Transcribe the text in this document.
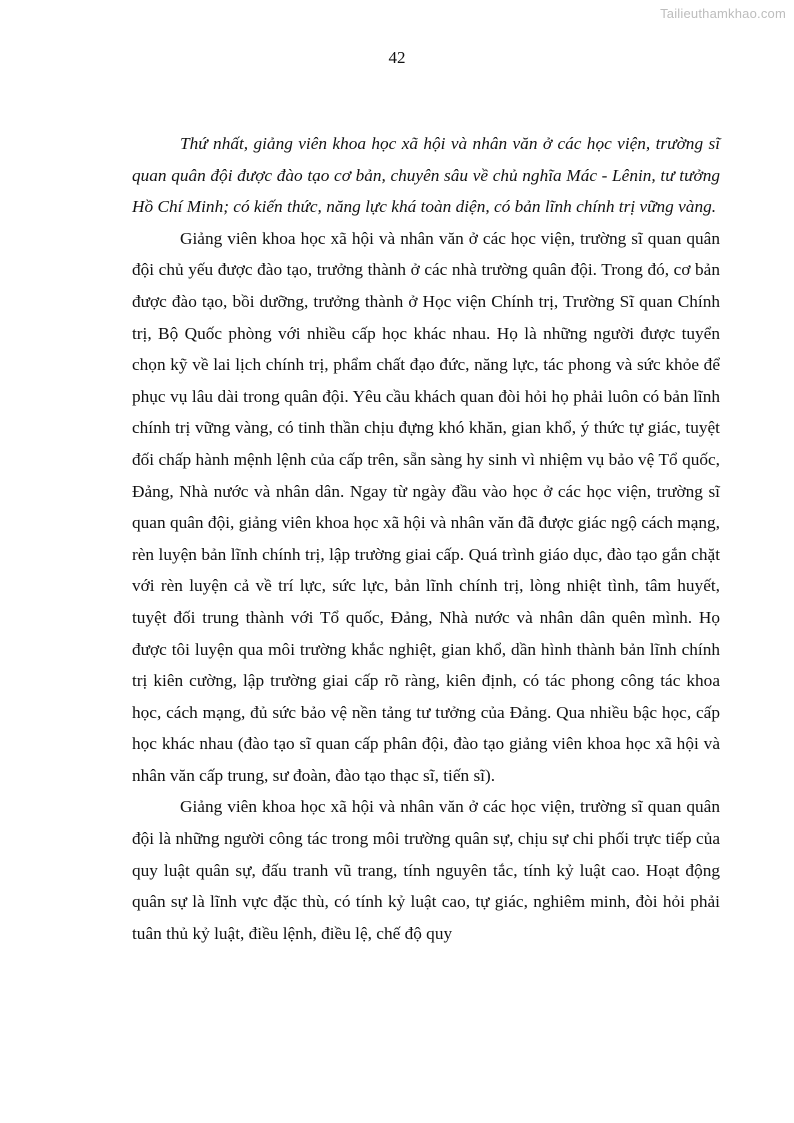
Tailieuthamkhao.com
42

Thứ nhất, giảng viên khoa học xã hội và nhân văn ở các học viện, trường sĩ quan quân đội được đào tạo cơ bản, chuyên sâu về chủ nghĩa Mác - Lênin, tư tưởng Hồ Chí Minh; có kiến thức, năng lực khá toàn diện, có bản lĩnh chính trị vững vàng.

Giảng viên khoa học xã hội và nhân văn ở các học viện, trường sĩ quan quân đội chủ yếu được đào tạo, trưởng thành ở các nhà trường quân đội. Trong đó, cơ bản được đào tạo, bồi dưỡng, trưởng thành ở Học viện Chính trị, Trường Sĩ quan Chính trị, Bộ Quốc phòng với nhiều cấp học khác nhau. Họ là những người được tuyển chọn kỹ về lai lịch chính trị, phẩm chất đạo đức, năng lực, tác phong và sức khỏe để phục vụ lâu dài trong quân đội. Yêu cầu khách quan đòi hỏi họ phải luôn có bản lĩnh chính trị vững vàng, có tinh thần chịu đựng khó khăn, gian khổ, ý thức tự giác, tuyệt đối chấp hành mệnh lệnh của cấp trên, sẵn sàng hy sinh vì nhiệm vụ bảo vệ Tổ quốc, Đảng, Nhà nước và nhân dân. Ngay từ ngày đầu vào học ở các học viện, trường sĩ quan quân đội, giảng viên khoa học xã hội và nhân văn đã được giác ngộ cách mạng, rèn luyện bản lĩnh chính trị, lập trường giai cấp. Quá trình giáo dục, đào tạo gắn chặt với rèn luyện cả về trí lực, sức lực, bản lĩnh chính trị, lòng nhiệt tình, tâm huyết, tuyệt đối trung thành với Tổ quốc, Đảng, Nhà nước và nhân dân quên mình. Họ được tôi luyện qua môi trường khắc nghiệt, gian khổ, dần hình thành bản lĩnh chính trị kiên cường, lập trường giai cấp rõ ràng, kiên định, có tác phong công tác khoa học, cách mạng, đủ sức bảo vệ nền tảng tư tưởng của Đảng. Qua nhiều bậc học, cấp học khác nhau (đào tạo sĩ quan cấp phân đội, đào tạo giảng viên khoa học xã hội và nhân văn cấp trung, sư đoàn, đào tạo thạc sĩ, tiến sĩ).

Giảng viên khoa học xã hội và nhân văn ở các học viện, trường sĩ quan quân đội là những người công tác trong môi trường quân sự, chịu sự chi phối trực tiếp của quy luật quân sự, đấu tranh vũ trang, tính nguyên tắc, tính kỷ luật cao. Hoạt động quân sự là lĩnh vực đặc thù, có tính kỷ luật cao, tự giác, nghiêm minh, đòi hỏi phải tuân thủ kỷ luật, điều lệnh, điều lệ, chế độ quy
